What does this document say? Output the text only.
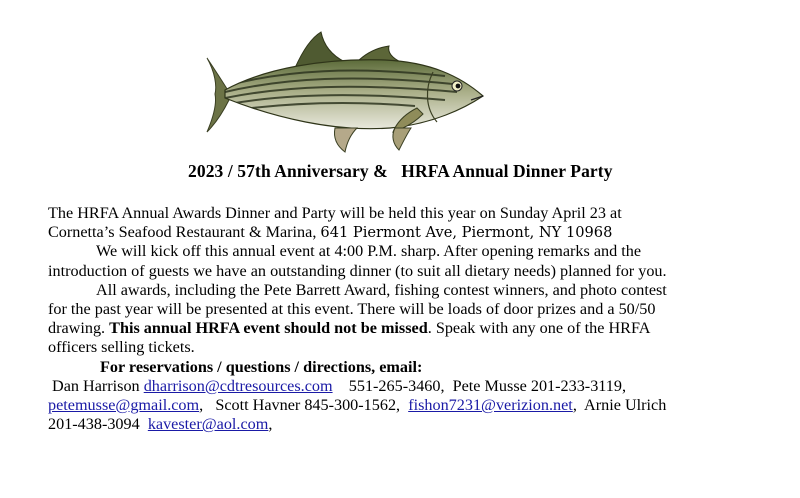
2023 / 57th Anniversary &   HRFA Annual Dinner Party
The HRFA Annual Awards Dinner and Party will be held this year on Sunday April 23 at
Cornetta’s Seafood Restaurant & Marina, 641 Piermont Ave, Piermont, NY 10968
We will kick off this annual event at 4:00 P.M. sharp. After opening remarks and the
introduction of guests we have an outstanding dinner (to suit all dietary needs) planned for you.
All awards, including the Pete Barrett Award, fishing contest winners, and photo contest
for the past year will be presented at this event. There will be loads of door prizes and a 50/50
drawing. This annual HRFA event should not be missed. Speak with any one of the HRFA
officers selling tickets.
For reservations / questions / directions, email:
Dan Harrison dharrison@cdtresources.com    551-265-3460,  Pete Musse 201-233-3119,
petemusse@gmail.com,   Scott Havner 845-300-1562,  fishon7231@verizion.net,  Arnie Ulrich
201-438-3094  kavester@aol.com,
